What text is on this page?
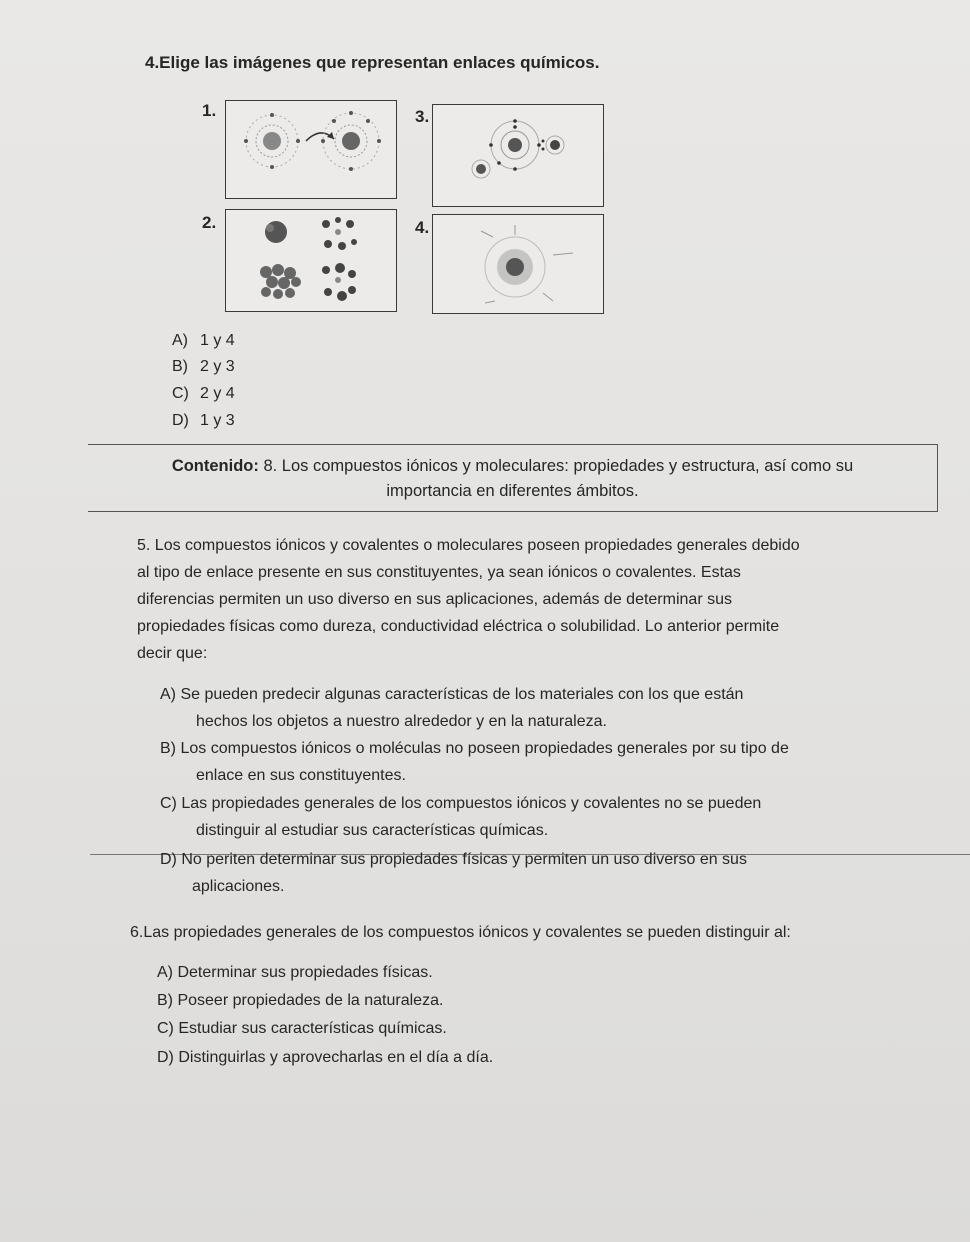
4.Elige las imágenes que representan enlaces químicos.
1.
2.
3.
4.
A) 1 y 4
B) 2 y 3
C) 2 y 4
D) 1 y 3
Contenido: 8. Los compuestos iónicos y moleculares: propiedades y estructura, así como su
importancia en diferentes ámbitos.
5. Los compuestos iónicos y covalentes o moleculares poseen propiedades generales debido
al tipo de enlace presente en sus constituyentes, ya sean iónicos o covalentes. Estas
diferencias permiten un uso diverso en sus aplicaciones, además de determinar sus
propiedades físicas como dureza, conductividad eléctrica o solubilidad. Lo anterior permite
decir que:
A) Se pueden predecir algunas características de los materiales con los que están
hechos los objetos a nuestro alrededor y en la naturaleza.
B) Los compuestos iónicos o moléculas no poseen propiedades generales por su tipo de
enlace en sus constituyentes.
C) Las propiedades generales de los compuestos iónicos y covalentes no se pueden
distinguir al estudiar sus características químicas.
D) No periten determinar sus propiedades físicas y permiten un uso diverso en sus
aplicaciones.
6.Las propiedades generales de los compuestos iónicos y covalentes se pueden distinguir al:
A) Determinar sus propiedades físicas.
B) Poseer propiedades de la naturaleza.
C) Estudiar sus características químicas.
D) Distinguirlas y aprovecharlas en el día a día.
